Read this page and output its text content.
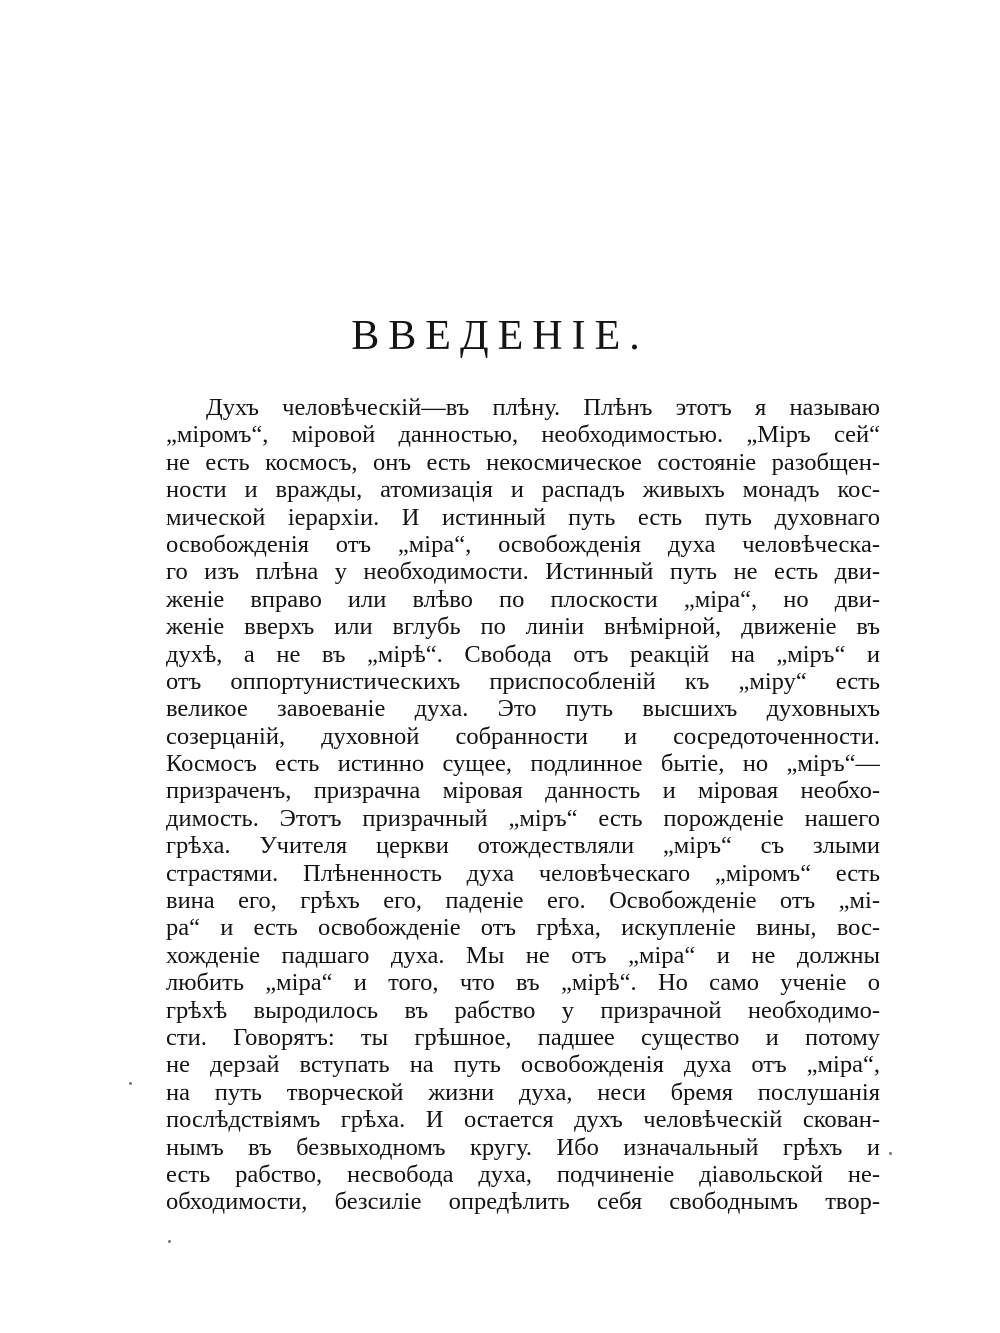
ВВЕДЕНІЕ.
Духъ человѣческій—въ плѣну. Плѣнъ этотъ я называю
„міромъ“, міровой данностью, необходимостью. „Міръ сей“
не есть космосъ, онъ есть некосмическое состояніе разобщен-
ности и вражды, атомизація и распадъ живыхъ монадъ кос-
мической іерархіи. И истинный путь есть путь духовнаго
освобожденія отъ „міра“, освобожденія духа человѣческа-
го изъ плѣна у необходимости. Истинный путь не есть дви-
женіе вправо или влѣво по плоскости „міра“, но дви-
женіе вверхъ или вглубь по линіи внѣмірной, движеніе въ
духѣ, а не въ „мірѣ“. Свобода отъ реакцій на „міръ“ и
отъ оппортунистическихъ приспособленій къ „міру“ есть
великое завоеваніе духа. Это путь высшихъ духовныхъ
созерцаній, духовной собранности и сосредоточенности.
Космосъ есть истинно сущее, подлинное бытіе, но „міръ“—
призраченъ, призрачна міровая данность и міровая необхо-
димость. Этотъ призрачный „міръ“ есть порожденіе нашего
грѣха. Учителя церкви отождествляли „міръ“ съ злыми
страстями. Плѣненность духа человѣческаго „міромъ“ есть
вина его, грѣхъ его, паденіе его. Освобожденіе отъ „мі-
ра“ и есть освобожденіе отъ грѣха, искупленіе вины, вос-
хожденіе падшаго духа. Мы не отъ „міра“ и не должны
любить „міра“ и того, что въ „мірѣ“. Но само ученіе о
грѣхѣ выродилось въ рабство у призрачной необходимо-
сти. Говорятъ: ты грѣшное, падшее существо и потому
не дерзай вступать на путь освобожденія духа отъ „міра“,
на путь творческой жизни духа, неси бремя послушанія
послѣдствіямъ грѣха. И остается духъ человѣческій скован-
нымъ въ безвыходномъ кругу. Ибо изначальный грѣхъ и
есть рабство, несвобода духа, подчиненіе діавольской не-
обходимости, безсиліе опредѣлить себя свободнымъ твор-
